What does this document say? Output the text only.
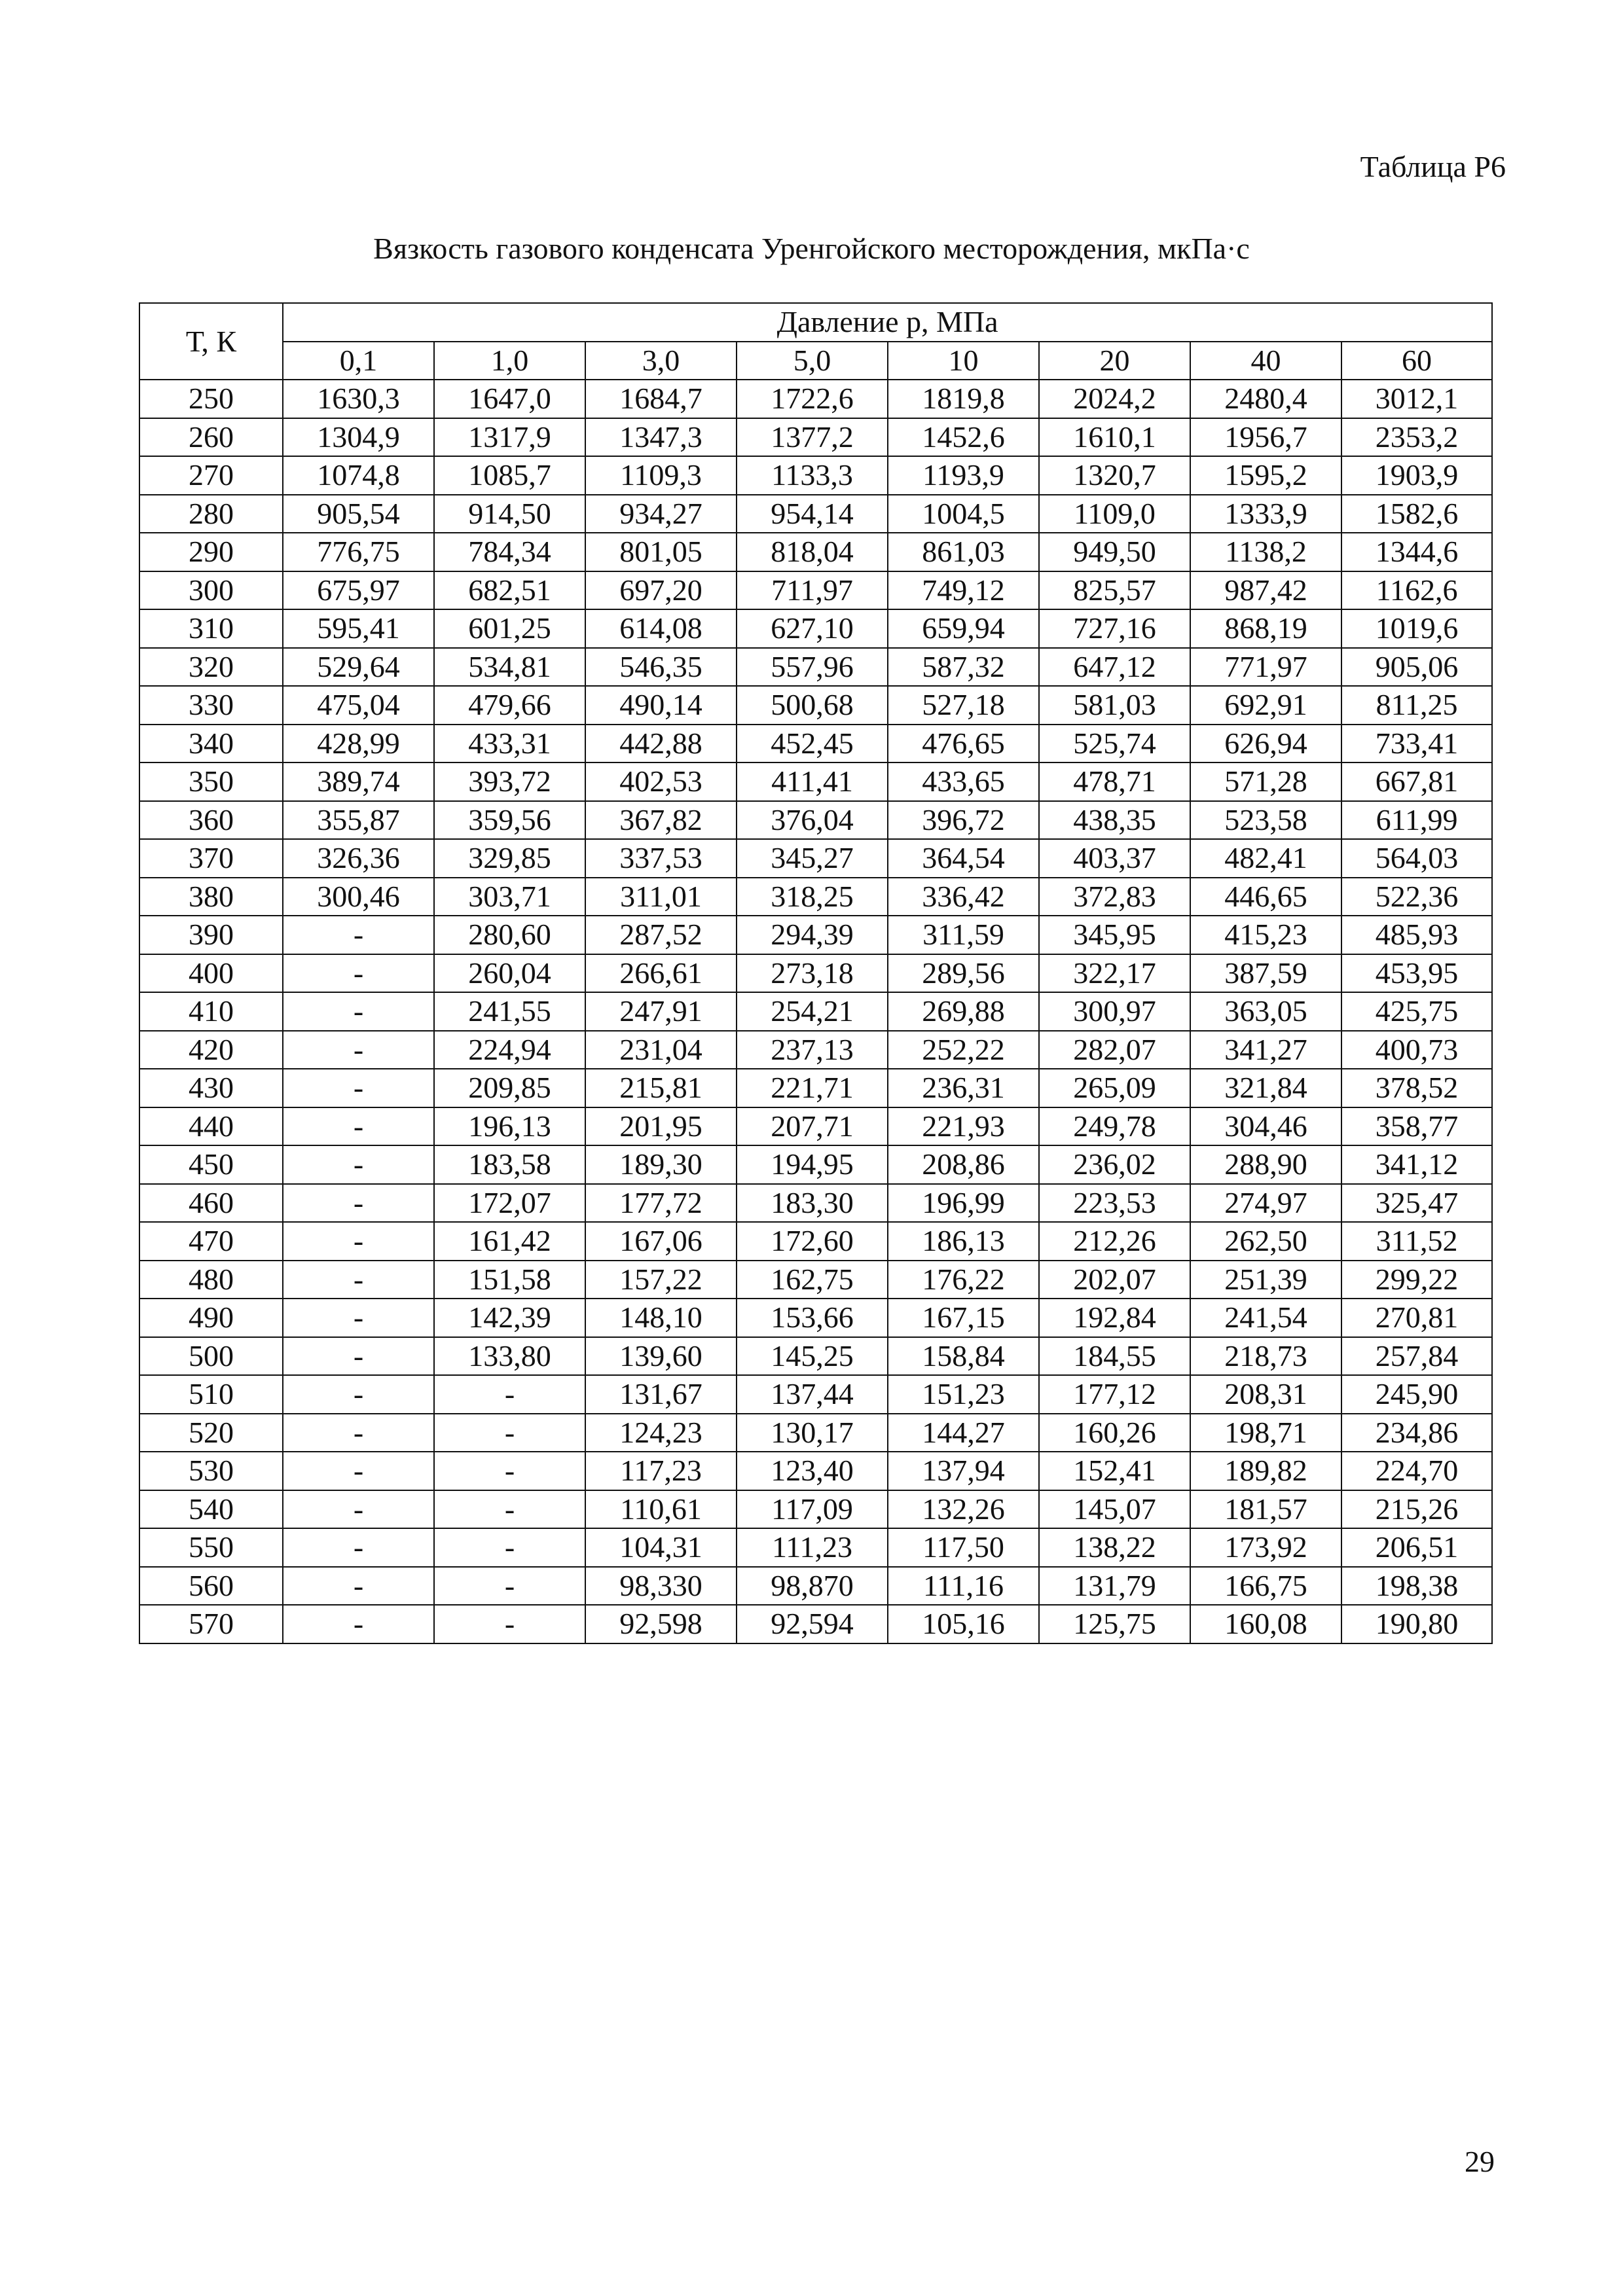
Таблица Р6
Вязкость газового конденсата Уренгойского месторождения, мкПа·с
Т, К	Давление р, МПа							
	0,1	1,0	3,0	5,0	10	20	40	60
250	1630,3	1647,0	1684,7	1722,6	1819,8	2024,2	2480,4	3012,1
260	1304,9	1317,9	1347,3	1377,2	1452,6	1610,1	1956,7	2353,2
270	1074,8	1085,7	1109,3	1133,3	1193,9	1320,7	1595,2	1903,9
280	905,54	914,50	934,27	954,14	1004,5	1109,0	1333,9	1582,6
290	776,75	784,34	801,05	818,04	861,03	949,50	1138,2	1344,6
300	675,97	682,51	697,20	711,97	749,12	825,57	987,42	1162,6
310	595,41	601,25	614,08	627,10	659,94	727,16	868,19	1019,6
320	529,64	534,81	546,35	557,96	587,32	647,12	771,97	905,06
330	475,04	479,66	490,14	500,68	527,18	581,03	692,91	811,25
340	428,99	433,31	442,88	452,45	476,65	525,74	626,94	733,41
350	389,74	393,72	402,53	411,41	433,65	478,71	571,28	667,81
360	355,87	359,56	367,82	376,04	396,72	438,35	523,58	611,99
370	326,36	329,85	337,53	345,27	364,54	403,37	482,41	564,03
380	300,46	303,71	311,01	318,25	336,42	372,83	446,65	522,36
390	-	280,60	287,52	294,39	311,59	345,95	415,23	485,93
400	-	260,04	266,61	273,18	289,56	322,17	387,59	453,95
410	-	241,55	247,91	254,21	269,88	300,97	363,05	425,75
420	-	224,94	231,04	237,13	252,22	282,07	341,27	400,73
430	-	209,85	215,81	221,71	236,31	265,09	321,84	378,52
440	-	196,13	201,95	207,71	221,93	249,78	304,46	358,77
450	-	183,58	189,30	194,95	208,86	236,02	288,90	341,12
460	-	172,07	177,72	183,30	196,99	223,53	274,97	325,47
470	-	161,42	167,06	172,60	186,13	212,26	262,50	311,52
480	-	151,58	157,22	162,75	176,22	202,07	251,39	299,22
490	-	142,39	148,10	153,66	167,15	192,84	241,54	270,81
500	-	133,80	139,60	145,25	158,84	184,55	218,73	257,84
510	-	-	131,67	137,44	151,23	177,12	208,31	245,90
520	-	-	124,23	130,17	144,27	160,26	198,71	234,86
530	-	-	117,23	123,40	137,94	152,41	189,82	224,70
540	-	-	110,61	117,09	132,26	145,07	181,57	215,26
550	-	-	104,31	111,23	117,50	138,22	173,92	206,51
560	-	-	98,330	98,870	111,16	131,79	166,75	198,38
570	-	-	92,598	92,594	105,16	125,75	160,08	190,80
29
